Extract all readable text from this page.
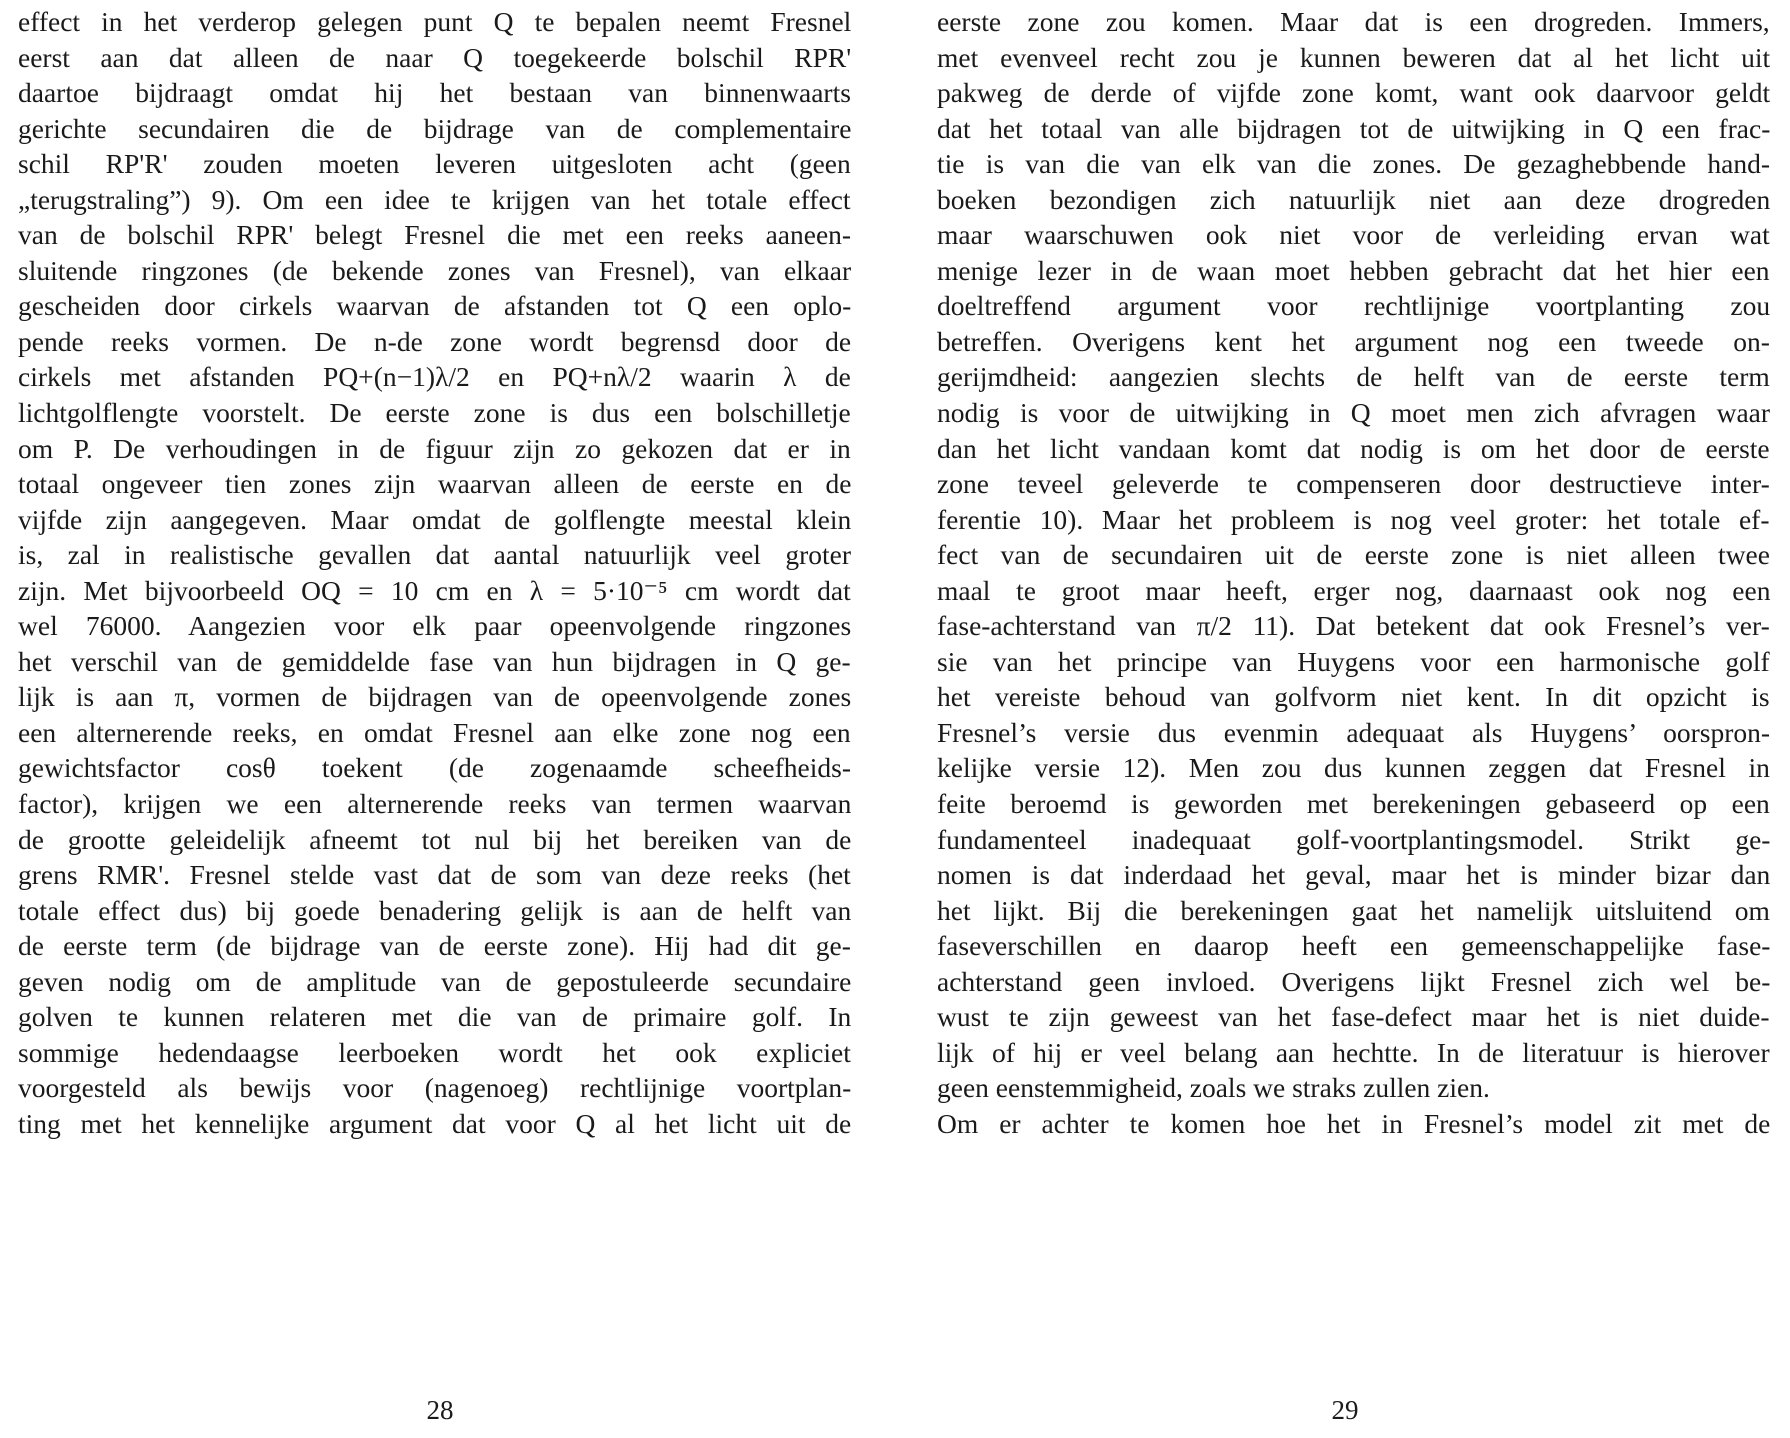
effect in het verderop gelegen punt Q te bepalen neemt Fresnel
eerst aan dat alleen de naar Q toegekeerde bolschil RPR'
daartoe bijdraagt omdat hij het bestaan van binnenwaarts
gerichte secundairen die de bijdrage van de complementaire
schil RP'R' zouden moeten leveren uitgesloten acht (geen
„terugstraling”) 9). Om een idee te krijgen van het totale effect
van de bolschil RPR' belegt Fresnel die met een reeks aaneen-
sluitende ringzones (de bekende zones van Fresnel), van elkaar
gescheiden door cirkels waarvan de afstanden tot Q een oplo-
pende reeks vormen. De n-de zone wordt begrensd door de
cirkels met afstanden PQ+(n−1)λ/2 en PQ+nλ/2 waarin λ de
lichtgolflengte voorstelt. De eerste zone is dus een bolschilletje
om P. De verhoudingen in de figuur zijn zo gekozen dat er in
totaal ongeveer tien zones zijn waarvan alleen de eerste en de
vijfde zijn aangegeven. Maar omdat de golflengte meestal klein
is, zal in realistische gevallen dat aantal natuurlijk veel groter
zijn. Met bijvoorbeeld OQ = 10 cm en λ = 5·10⁻⁵ cm wordt dat
wel 76000. Aangezien voor elk paar opeenvolgende ringzones
het verschil van de gemiddelde fase van hun bijdragen in Q ge-
lijk is aan π, vormen de bijdragen van de opeenvolgende zones
een alternerende reeks, en omdat Fresnel aan elke zone nog een
gewichtsfactor cosθ toekent (de zogenaamde scheefheids-
factor), krijgen we een alternerende reeks van termen waarvan
de grootte geleidelijk afneemt tot nul bij het bereiken van de
grens RMR'. Fresnel stelde vast dat de som van deze reeks (het
totale effect dus) bij goede benadering gelijk is aan de helft van
de eerste term (de bijdrage van de eerste zone). Hij had dit ge-
geven nodig om de amplitude van de gepostuleerde secundaire
golven te kunnen relateren met die van de primaire golf. In
sommige hedendaagse leerboeken wordt het ook expliciet
voorgesteld als bewijs voor (nagenoeg) rechtlijnige voortplan-
ting met het kennelijke argument dat voor Q al het licht uit de
28
eerste zone zou komen. Maar dat is een drogreden. Immers,
met evenveel recht zou je kunnen beweren dat al het licht uit
pakweg de derde of vijfde zone komt, want ook daarvoor geldt
dat het totaal van alle bijdragen tot de uitwijking in Q een frac-
tie is van die van elk van die zones. De gezaghebbende hand-
boeken bezondigen zich natuurlijk niet aan deze drogreden
maar waarschuwen ook niet voor de verleiding ervan wat
menige lezer in de waan moet hebben gebracht dat het hier een
doeltreffend argument voor rechtlijnige voortplanting zou
betreffen. Overigens kent het argument nog een tweede on-
gerijmdheid: aangezien slechts de helft van de eerste term
nodig is voor de uitwijking in Q moet men zich afvragen waar
dan het licht vandaan komt dat nodig is om het door de eerste
zone teveel geleverde te compenseren door destructieve inter-
ferentie 10). Maar het probleem is nog veel groter: het totale ef-
fect van de secundairen uit de eerste zone is niet alleen twee
maal te groot maar heeft, erger nog, daarnaast ook nog een
fase-achterstand van π/2 11). Dat betekent dat ook Fresnel’s ver-
sie van het principe van Huygens voor een harmonische golf
het vereiste behoud van golfvorm niet kent. In dit opzicht is
Fresnel’s versie dus evenmin adequaat als Huygens’ oorspron-
kelijke versie 12). Men zou dus kunnen zeggen dat Fresnel in
feite beroemd is geworden met berekeningen gebaseerd op een
fundamenteel inadequaat golf-voortplantingsmodel. Strikt ge-
nomen is dat inderdaad het geval, maar het is minder bizar dan
het lijkt. Bij die berekeningen gaat het namelijk uitsluitend om
faseverschillen en daarop heeft een gemeenschappelijke fase-
achterstand geen invloed. Overigens lijkt Fresnel zich wel be-
wust te zijn geweest van het fase-defect maar het is niet duide-
lijk of hij er veel belang aan hechtte. In de literatuur is hierover
geen eenstemmigheid, zoals we straks zullen zien.
Om er achter te komen hoe het in Fresnel’s model zit met de
29
